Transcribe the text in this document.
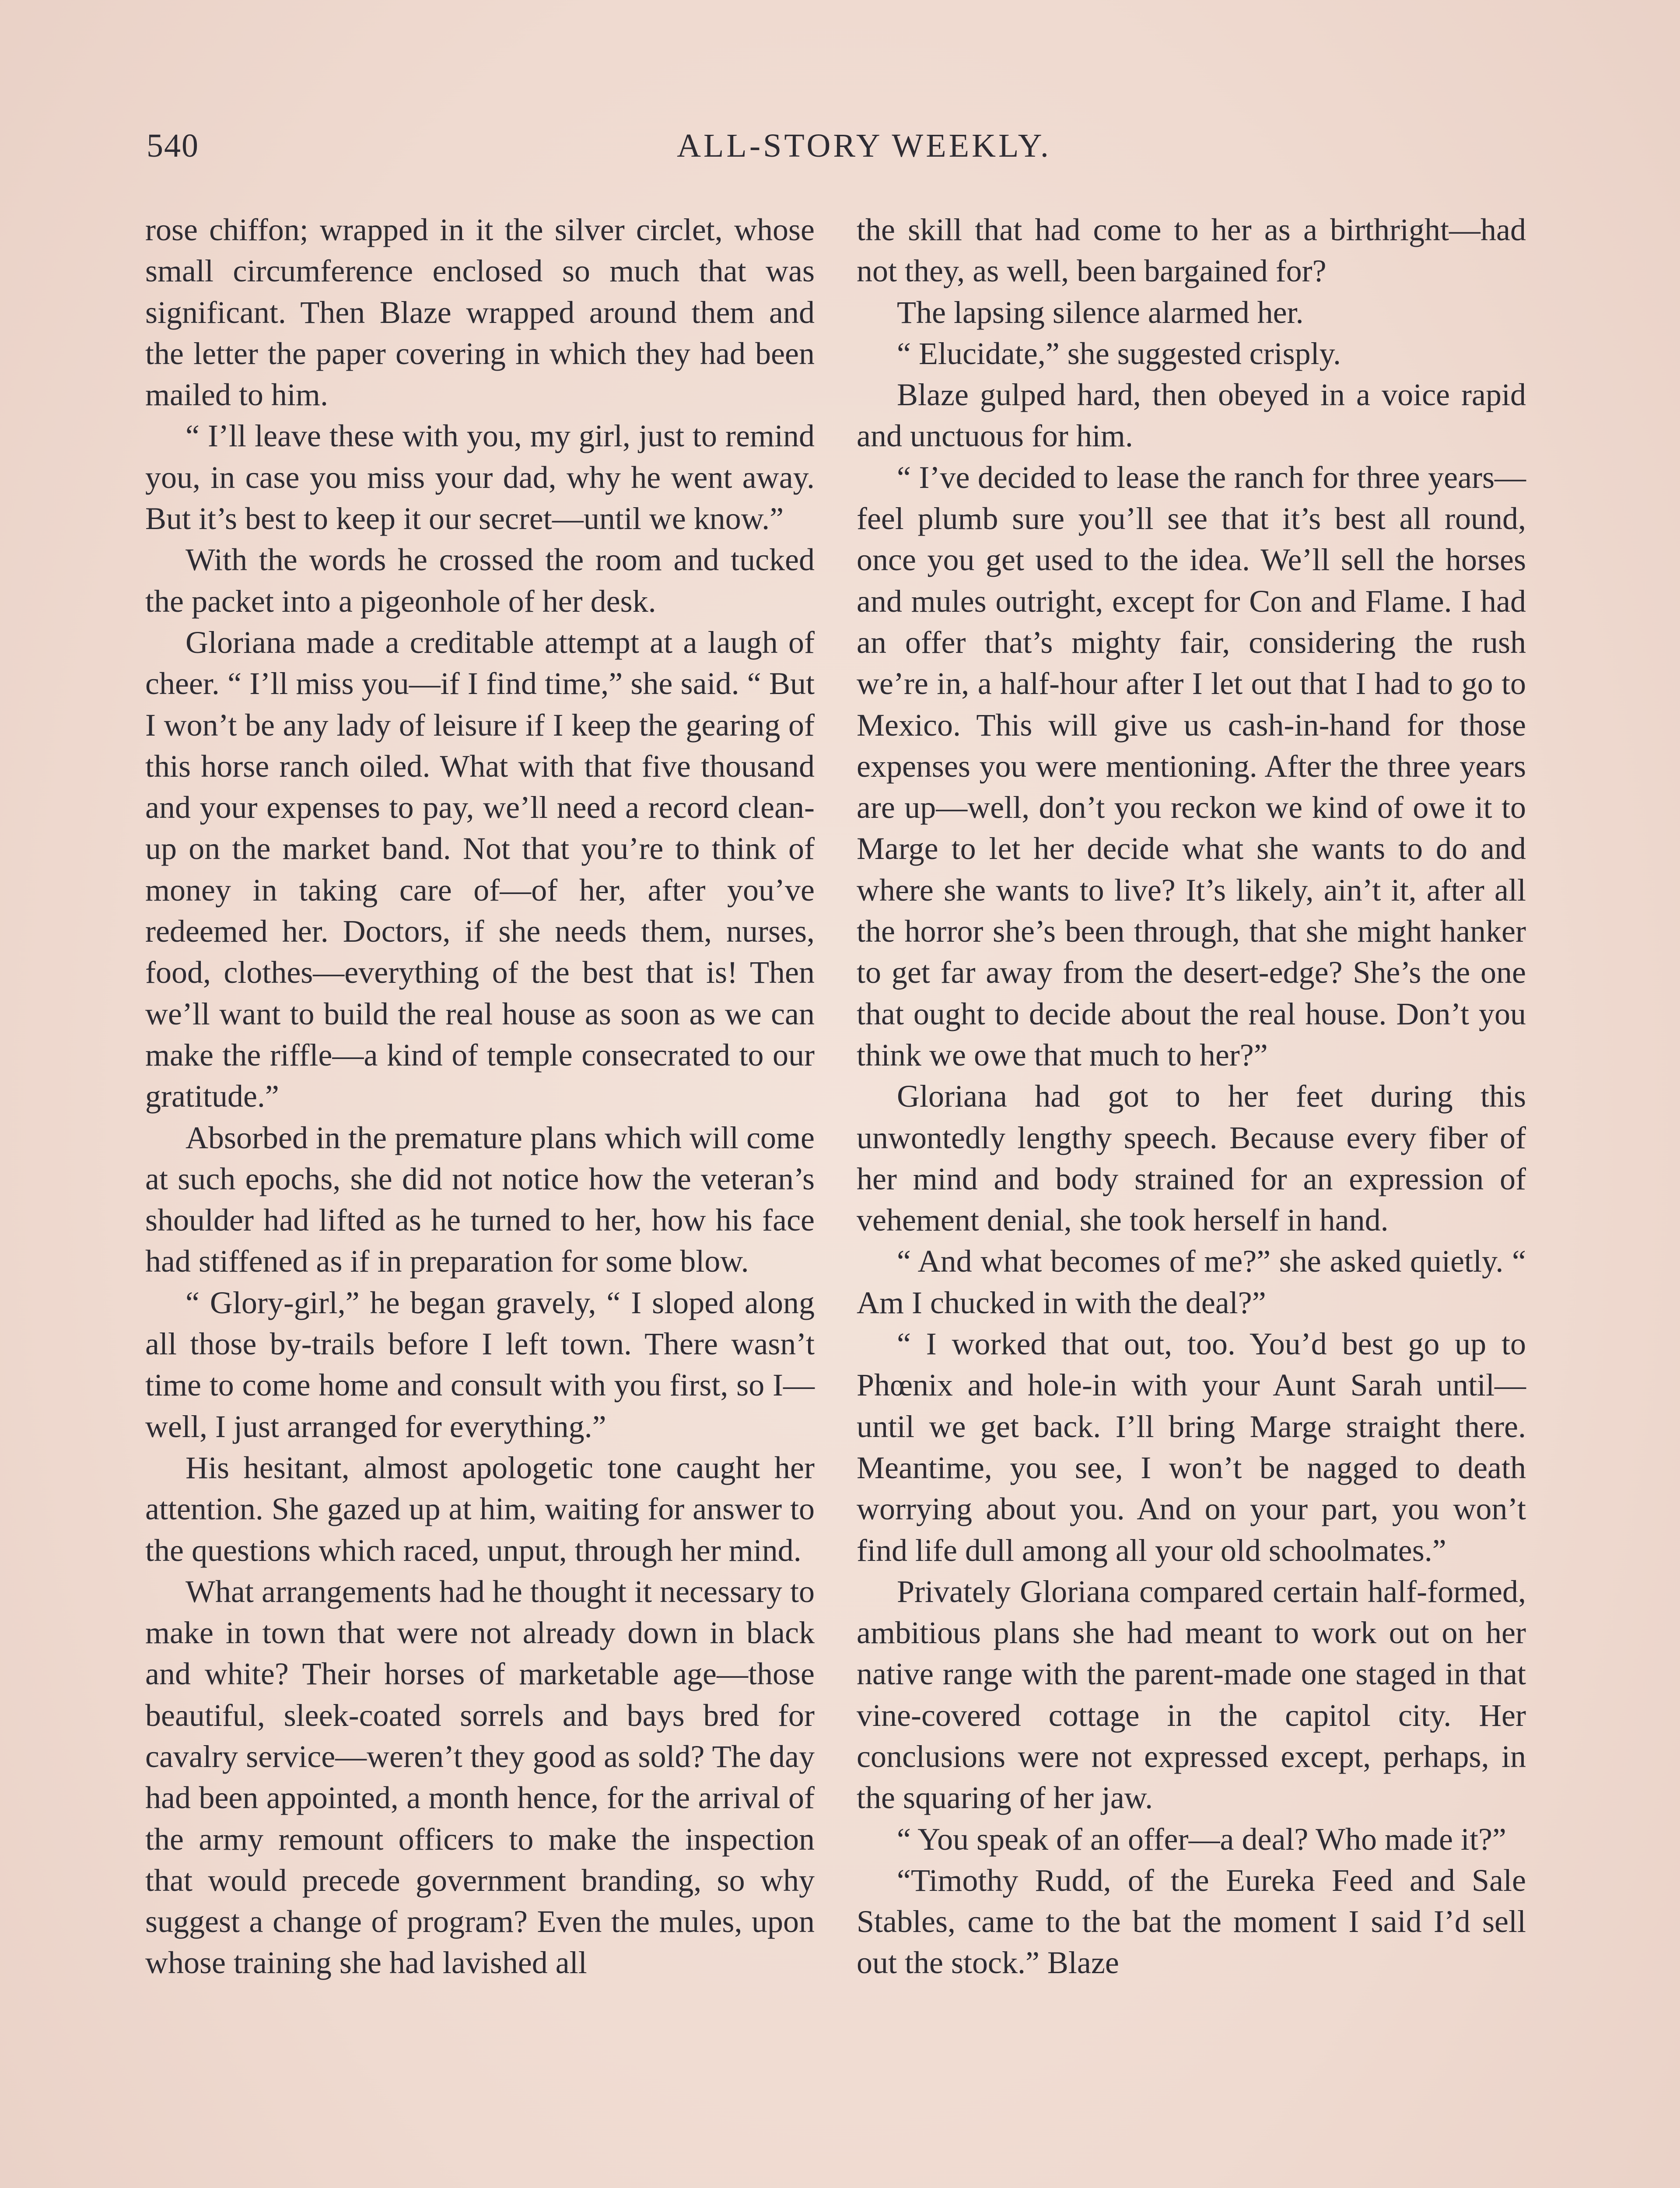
540	ALL-STORY WEEKLY.

rose chiffon; wrapped in it the silver circlet, whose small circumference enclosed so much that was significant. Then Blaze wrapped around them and the letter the paper covering in which they had been mailed to him.

“ I’ll leave these with you, my girl, just to remind you, in case you miss your dad, why he went away. But it’s best to keep it our secret—until we know.”

With the words he crossed the room and tucked the packet into a pigeonhole of her desk.

Gloriana made a creditable attempt at a laugh of cheer. “ I’ll miss you—if I find time,” she said. “ But I won’t be any lady of leisure if I keep the gearing of this horse ranch oiled. What with that five thousand and your expenses to pay, we’ll need a record clean-up on the market band. Not that you’re to think of money in taking care of—of her, after you’ve redeemed her. Doctors, if she needs them, nurses, food, clothes—everything of the best that is! Then we’ll want to build the real house as soon as we can make the riffle—a kind of temple consecrated to our gratitude.”

Absorbed in the premature plans which will come at such epochs, she did not notice how the veteran’s shoulder had lifted as he turned to her, how his face had stiffened as if in preparation for some blow.

“ Glory-girl,” he began gravely, “ I sloped along all those by-trails before I left town. There wasn’t time to come home and consult with you first, so I—well, I just arranged for everything.”

His hesitant, almost apologetic tone caught her attention. She gazed up at him, waiting for answer to the questions which raced, unput, through her mind.

What arrangements had he thought it necessary to make in town that were not already down in black and white? Their horses of marketable age—those beautiful, sleek-coated sorrels and bays bred for cavalry service—weren’t they good as sold? The day had been appointed, a month hence, for the arrival of the army remount officers to make the inspection that would precede government branding, so why suggest a change of program? Even the mules, upon whose training she had lavished all

the skill that had come to her as a birthright—had not they, as well, been bargained for?

The lapsing silence alarmed her.

“ Elucidate,” she suggested crisply.

Blaze gulped hard, then obeyed in a voice rapid and unctuous for him.

“ I’ve decided to lease the ranch for three years—feel plumb sure you’ll see that it’s best all round, once you get used to the idea. We’ll sell the horses and mules outright, except for Con and Flame. I had an offer that’s mighty fair, considering the rush we’re in, a half-hour after I let out that I had to go to Mexico. This will give us cash-in-hand for those expenses you were mentioning. After the three years are up—well, don’t you reckon we kind of owe it to Marge to let her decide what she wants to do and where she wants to live? It’s likely, ain’t it, after all the horror she’s been through, that she might hanker to get far away from the desert-edge? She’s the one that ought to decide about the real house. Don’t you think we owe that much to her?”

Gloriana had got to her feet during this unwontedly lengthy speech. Because every fiber of her mind and body strained for an expression of vehement denial, she took herself in hand.

“ And what becomes of me?” she asked quietly. “ Am I chucked in with the deal?”

“ I worked that out, too. You’d best go up to Phœnix and hole-in with your Aunt Sarah until—until we get back. I’ll bring Marge straight there. Meantime, you see, I won’t be nagged to death worrying about you. And on your part, you won’t find life dull among all your old schoolmates.”

Privately Gloriana compared certain half-formed, ambitious plans she had meant to work out on her native range with the parent-made one staged in that vine-covered cottage in the capitol city. Her conclusions were not expressed except, perhaps, in the squaring of her jaw.

“ You speak of an offer—a deal? Who made it?”

“Timothy Rudd, of the Eureka Feed and Sale Stables, came to the bat the moment I said I’d sell out the stock.” Blaze
